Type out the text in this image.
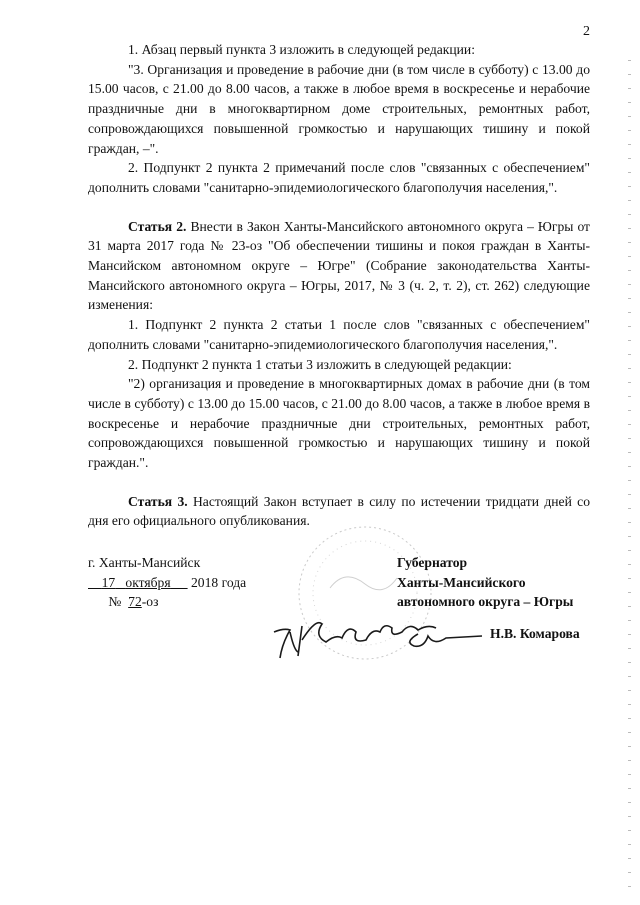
2

1. Абзац первый пункта 3 изложить в следующей редакции:

"3. Организация и проведение в рабочие дни (в том числе в субботу) с 13.00 до 15.00 часов, с 21.00 до 8.00 часов, а также в любое время в воскресенье и нерабочие праздничные дни в многоквартирном доме строительных, ремонтных работ, сопровождающихся повышенной громкостью и нарушающих тишину и покой граждан, –".

2. Подпункт 2 пункта 2 примечаний после слов "связанных с обеспечением" дополнить словами "санитарно-эпидемиологического благополучия населения,".

Статья 2. Внести в Закон Ханты-Мансийского автономного округа – Югры от 31 марта 2017 года № 23-оз "Об обеспечении тишины и покоя граждан в Ханты-Мансийском автономном округе – Югре" (Собрание законодательства Ханты-Мансийского автономного округа – Югры, 2017, № 3 (ч. 2, т. 2), ст. 262) следующие изменения:

1. Подпункт 2 пункта 2 статьи 1 после слов "связанных с обеспечением" дополнить словами "санитарно-эпидемиологического благополучия населения,".

2. Подпункт 2 пункта 1 статьи 3 изложить в следующей редакции:

"2) организация и проведение в многоквартирных домах в рабочие дни (в том числе в субботу) с 13.00 до 15.00 часов, с 21.00 до 8.00 часов, а также в любое время в воскресенье и нерабочие праздничные дни строительных, ремонтных работ, сопровождающихся повышенной громкостью и нарушающих тишину и покой граждан.".

Статья 3. Настоящий Закон вступает в силу по истечении тридцати дней со дня его официального опубликования.

г. Ханты-Мансийск
17 октября 2018 года
№ 72-оз
Губернатор
Ханты-Мансийского
автономного округа – Югры
Н.В. Комарова
